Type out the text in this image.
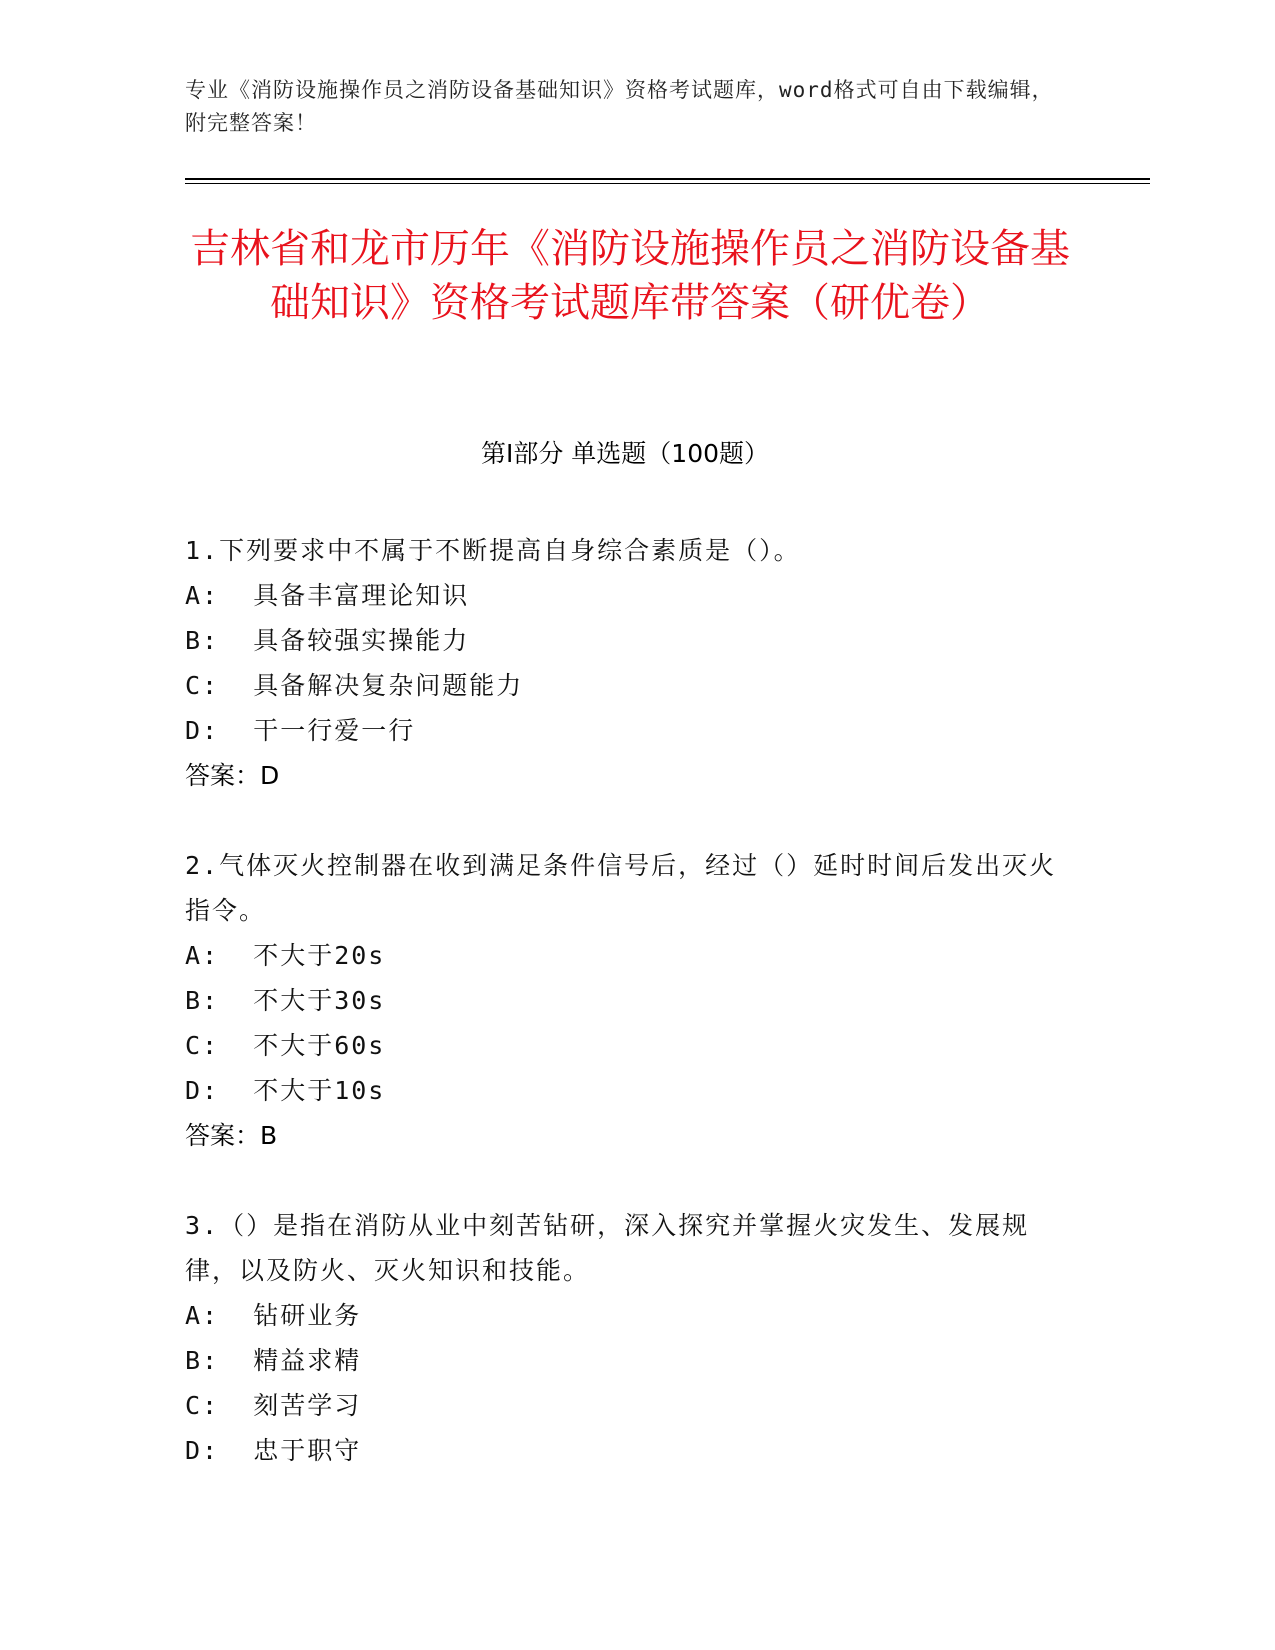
专业《消防设施操作员之消防设备基础知识》资格考试题库，word格式可自由下载编辑，附完整答案！
吉林省和龙市历年《消防设施操作员之消防设备基础知识》资格考试题库带答案（研优卷）
第Ⅰ部分 单选题（100题）

1.下列要求中不属于不断提高自身综合素质是（）。

A:  具备丰富理论知识

B:  具备较强实操能力

C:  具备解决复杂问题能力

D:  干一行爱一行

答案：D

2.气体灭火控制器在收到满足条件信号后，经过（）延时时间后发出灭火指令。

A:  不大于20s

B:  不大于30s

C:  不大于60s

D:  不大于10s

答案：B

3.（）是指在消防从业中刻苦钻研，深入探究并掌握火灾发生、发展规律，以及防火、灭火知识和技能。

A:  钻研业务

B:  精益求精

C:  刻苦学习

D:  忠于职守
